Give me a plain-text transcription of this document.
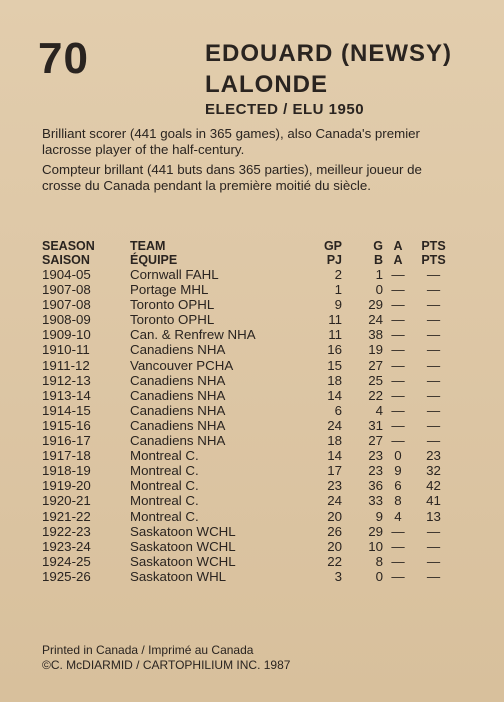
70	EDOUARD (NEWSY)
LALONDE
ELECTED / ELU 1950
Brilliant scorer (441 goals in 365 games), also Canada's premier lacrosse player of the half-century.
Compteur brillant (441 buts dans 365 parties), meilleur joueur de crosse du Canada pendant la première moitié du siècle.
SEASON	TEAM	GP	G	A	PTS
SAISON	ÉQUIPE	PJ	B	A	PTS
1904-05	Cornwall FAHL	2	1	—	—
1907-08	Portage MHL	1	0	—	—
1907-08	Toronto OPHL	9	29	—	—
1908-09	Toronto OPHL	11	24	—	—
1909-10	Can. & Renfrew NHA	11	38	—	—
1910-11	Canadiens NHA	16	19	—	—
1911-12	Vancouver PCHA	15	27	—	—
1912-13	Canadiens NHA	18	25	—	—
1913-14	Canadiens NHA	14	22	—	—
1914-15	Canadiens NHA	6	4	—	—
1915-16	Canadiens NHA	24	31	—	—
1916-17	Canadiens NHA	18	27	—	—
1917-18	Montreal C.	14	23	0	23
1918-19	Montreal C.	17	23	9	32
1919-20	Montreal C.	23	36	6	42
1920-21	Montreal C.	24	33	8	41
1921-22	Montreal C.	20	9	4	13
1922-23	Saskatoon WCHL	26	29	—	—
1923-24	Saskatoon WCHL	20	10	—	—
1924-25	Saskatoon WCHL	22	8	—	—
1925-26	Saskatoon WHL	3	0	—	—
Printed in Canada / Imprimé au Canada
©C. McDIARMID / CARTOPHILIUM INC. 1987
